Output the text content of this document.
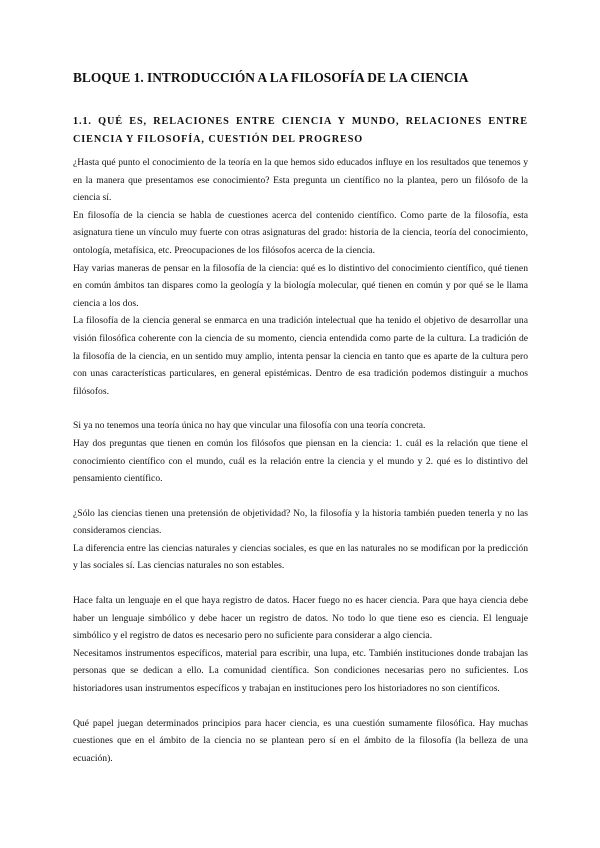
BLOQUE 1. INTRODUCCIÓN A LA FILOSOFÍA DE LA CIENCIA
1.1. QUÉ ES, RELACIONES ENTRE CIENCIA Y MUNDO, RELACIONES ENTRE CIENCIA Y FILOSOFÍA, CUESTIÓN DEL PROGRESO

¿Hasta qué punto el conocimiento de la teoría en la que hemos sido educados influye en los resultados que tenemos y en la manera que presentamos ese conocimiento? Esta pregunta un científico no la plantea, pero un filósofo de la ciencia sí.

En filosofía de la ciencia se habla de cuestiones acerca del contenido científico. Como parte de la filosofía, esta asignatura tiene un vínculo muy fuerte con otras asignaturas del grado: historia de la ciencia, teoría del conocimiento, ontología, metafísica, etc. Preocupaciones de los filósofos acerca de la ciencia.

Hay varias maneras de pensar en la filosofía de la ciencia: qué es lo distintivo del conocimiento científico, qué tienen en común ámbitos tan dispares como la geología y la biología molecular, qué tienen en común y por qué se le llama ciencia a los dos.

La filosofía de la ciencia general se enmarca en una tradición intelectual que ha tenido el objetivo de desarrollar una visión filosófica coherente con la ciencia de su momento, ciencia entendida como parte de la cultura. La tradición de la filosofía de la ciencia, en un sentido muy amplio, intenta pensar la ciencia en tanto que es aparte de la cultura pero con unas características particulares, en general epistémicas. Dentro de esa tradición podemos distinguir a muchos filósofos.

Si ya no tenemos una teoría única no hay que vincular una filosofía con una teoría concreta.

Hay dos preguntas que tienen en común los filósofos que piensan en la ciencia: 1. cuál es la relación que tiene el conocimiento científico con el mundo, cuál es la relación entre la ciencia y el mundo y 2. qué es lo distintivo del pensamiento científico.

¿Sólo las ciencias tienen una pretensión de objetividad? No, la filosofía y la historia también pueden tenerla y no las consideramos ciencias.

La diferencia entre las ciencias naturales y ciencias sociales, es que en las naturales no se modifican por la predicción y las sociales sí. Las ciencias naturales no son estables.

Hace falta un lenguaje en el que haya registro de datos. Hacer fuego no es hacer ciencia. Para que haya ciencia debe haber un lenguaje simbólico y debe hacer un registro de datos. No todo lo que tiene eso es ciencia. El lenguaje simbólico y el registro de datos es necesario pero no suficiente para considerar a algo ciencia.

Necesitamos instrumentos específicos, material para escribir, una lupa, etc. También instituciones donde trabajan las personas que se dedican a ello. La comunidad científica. Son condiciones necesarias pero no suficientes. Los historiadores usan instrumentos específicos y trabajan en instituciones pero los historiadores no son científicos.

Qué papel juegan determinados principios para hacer ciencia, es una cuestión sumamente filosófica. Hay muchas cuestiones que en el ámbito de la ciencia no se plantean pero sí en el ámbito de la filosofía (la belleza de una ecuación).
